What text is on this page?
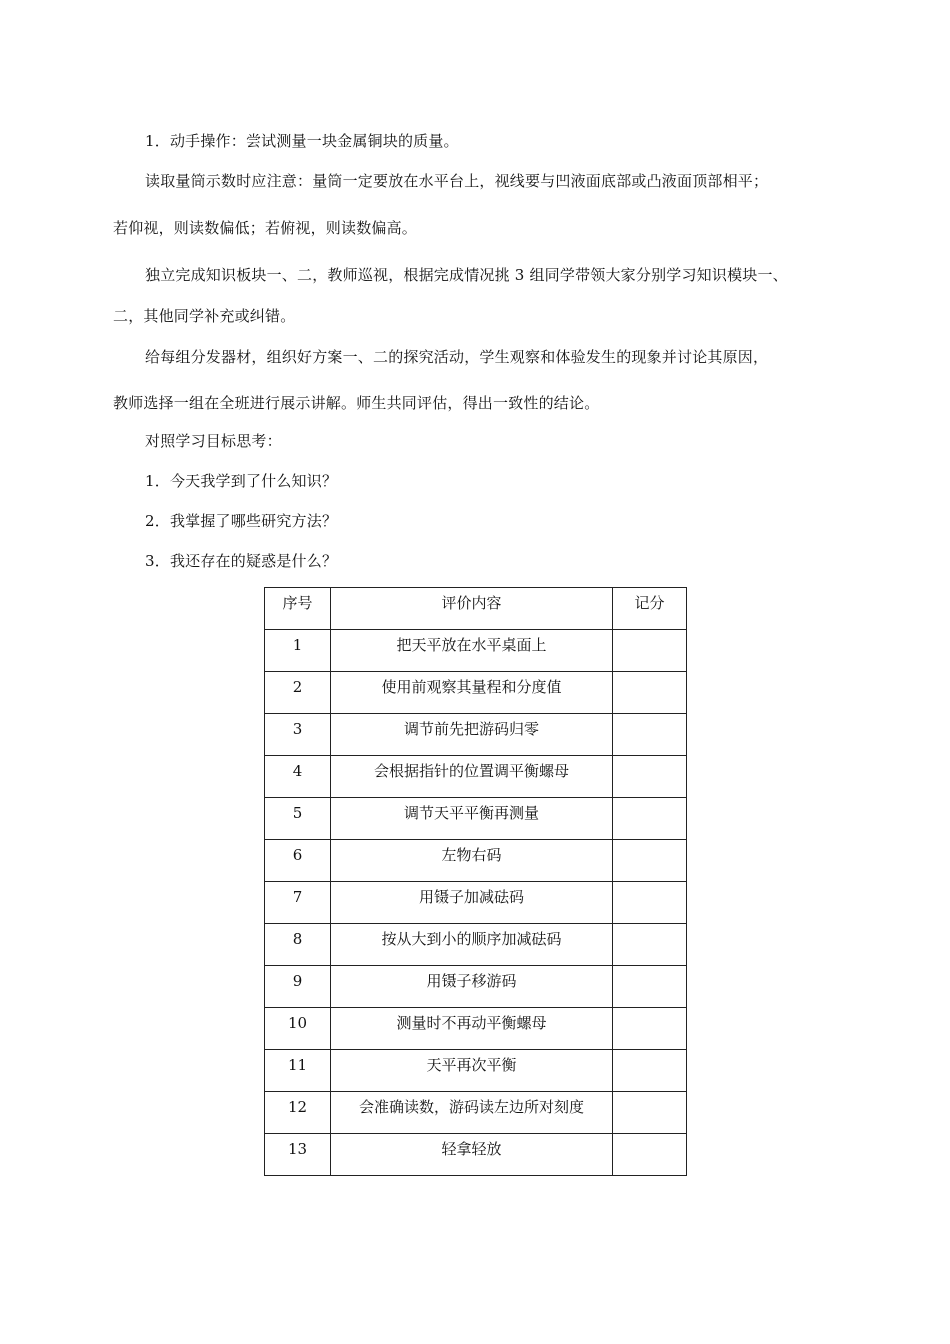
1．动手操作：尝试测量一块金属铜块的质量。
读取量筒示数时应注意：量筒一定要放在水平台上，视线要与凹液面底部或凸液面顶部相平；
若仰视，则读数偏低；若俯视，则读数偏高。
独立完成知识板块一、二，教师巡视，根据完成情况挑 3 组同学带领大家分别学习知识模块一、
二，其他同学补充或纠错。
给每组分发器材，组织好方案一、二的探究活动，学生观察和体验发生的现象并讨论其原因，
教师选择一组在全班进行展示讲解。师生共同评估，得出一致性的结论。
对照学习目标思考：
1．今天我学到了什么知识？
2．我掌握了哪些研究方法？
3．我还存在的疑惑是什么？
序号	评价内容	记分
1	把天平放在水平桌面上	
2	使用前观察其量程和分度值	
3	调节前先把游码归零	
4	会根据指针的位置调平衡螺母	
5	调节天平平衡再测量	
6	左物右码	
7	用镊子加减砝码	
8	按从大到小的顺序加减砝码	
9	用镊子移游码	
10	测量时不再动平衡螺母	
11	天平再次平衡	
12	会准确读数，游码读左边所对刻度	
13	轻拿轻放	
